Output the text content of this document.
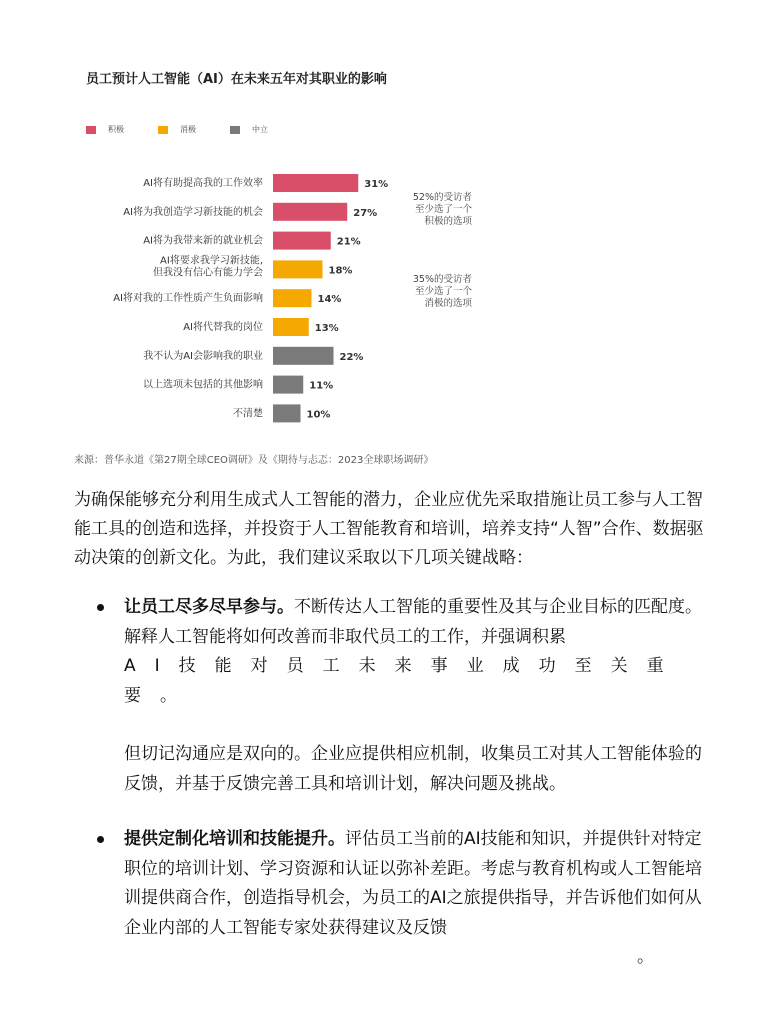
员工预计人工智能（AI）在未来五年对其职业的影响
积极	消极	中立
31%
AI将有助提高我的工作效率
27%
AI将为我创造学习新技能的机会
21%
AI将为我带来新的就业机会
18%
AI将要求我学习新技能,
但我没有信心有能力学会
14%
AI将对我的工作性质产生负面影响
13%
AI将代替我的岗位
22%
我不认为AI会影响我的职业
11%
以上选项未包括的其他影响
10%
不清楚
52%的受访者
至少选了一个
积极的选项
35%的受访者
至少选了一个
消极的选项
来源：普华永道《第27期全球CEO调研》及《期待与忐忑：2023全球职场调研》
为确保能够充分利用生成式人工智能的潜力，企业应优先采取措施让员工参与人工智能工具的创造和选择，并投资于人工智能教育和培训，培养支持“人智”合作、数据驱动决策的创新文化。为此，我们建议采取以下几项关键战略：
让员工尽多尽早参与。不断传达人工智能的重要性及其与企业目标的匹配度。解释人工智能将如何改善而非取代员工的工作，并强调积累
AI技能对员工未来事业成功至关重要。
但切记沟通应是双向的。企业应提供相应机制，收集员工对其人工智能体验的反馈，并基于反馈完善工具和培训计划，解决问题及挑战。
提供定制化培训和技能提升。评估员工当前的AI技能和知识，并提供针对特定职位的培训计划、学习资源和认证以弥补差距。考虑与教育机构或人工智能培训提供商合作，创造指导机会，为员工的AI之旅提供指导，并告诉他们如何从企业内部的人工智能专家处获得建议及反馈。
